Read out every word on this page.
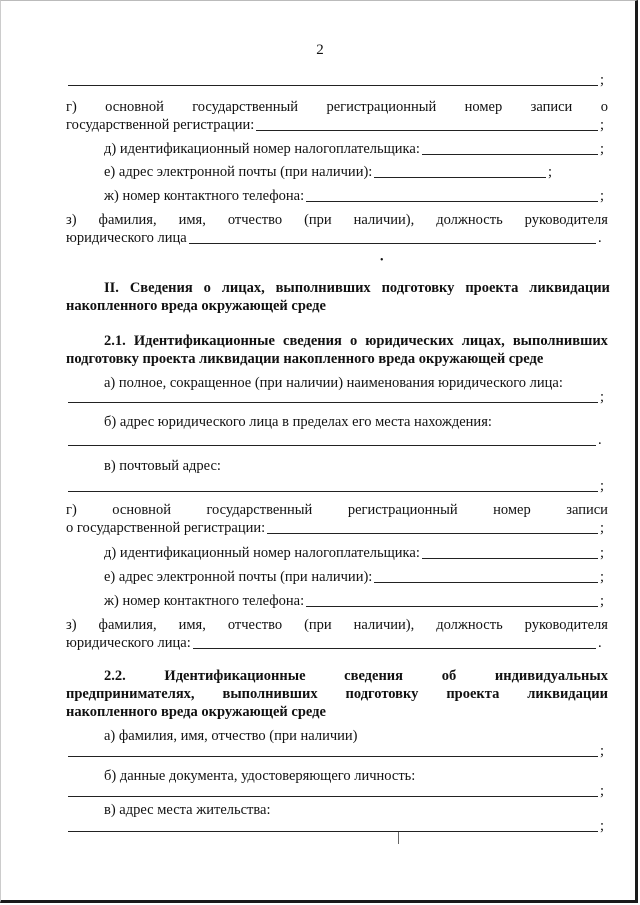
2
;
г) основной государственный регистрационный номер записи о
государственной регистрации:	;
д) идентификационный номер налогоплательщика:	;
е) адрес электронной почты (при наличии):	;
ж) номер контактного телефона:	;
з) фамилия, имя, отчество (при наличии), должность руководителя
юридического лица	.
•
II. Сведения о лицах, выполнивших подготовку проекта ликвидации
накопленного вреда окружающей среде
2.1. Идентификационные сведения о юридических лицах, выполнивших
подготовку проекта ликвидации накопленного вреда окружающей среде
а) полное, сокращенное (при наличии) наименования юридического лица:
;
б) адрес юридического лица в пределах его места нахождения:
.
в) почтовый адрес:
;
г) основной государственный регистрационный номер записи
о государственной регистрации:	;
д) идентификационный номер налогоплательщика:	;
е) адрес электронной почты (при наличии):	;
ж) номер контактного телефона:	;
з) фамилия, имя, отчество (при наличии), должность руководителя
юридического лица:	.
2.2.	Идентификационные	сведения	об	индивидуальных
предпринимателях, выполнивших подготовку проекта ликвидации
накопленного вреда окружающей среде
а) фамилия, имя, отчество (при наличии)
;
б) данные документа, удостоверяющего личность:
;
в) адрес места жительства:
;
